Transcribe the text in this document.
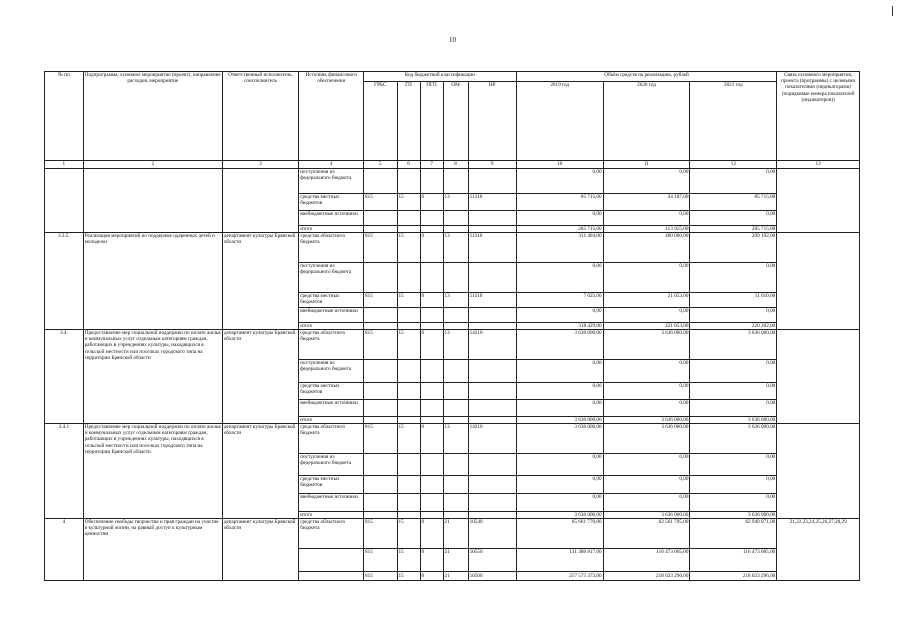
10
№ пп	Подпрограмма, основное мероприятие (проект), направление расходов, мероприятие	Ответственный исполнитель, соисполнитель	Источник финансового обеспечения	Код бюджетной классификации					Объём средств на реализацию, рублей			Связь основного мероприятия, проекта (программы) с целевыми показателями (индикаторами) (порядковые номера показателей (индикаторов))
				ГРБС	ГП	ПГП	ОМ	НР	2019 год	2020 год	2021 год	
1	2	3	4	5	6	7	8	9	10	11	12	13
			поступления из федерального бюджета						0,00	0,00	0,00	
			средства местных бюджетов	815	15	0	13	11310	85 715,00	34 187,00	85 715,00	
			внебюджетные источники						0,00	0,00	0,00	
			итого						285 715,00	113 955,00	285 715,00	
3.3.5.	Реализация мероприятий по поддержке одаренных детей и молодежи	департамент культуры Брянской области	средства областного бюджета	815	15	0	13	11310	311 404,00	400 000,00	209 192,00	
			поступления из федерального бюджета						0,00	0,00	0,00	
			средства местных бюджетов	815	15	0	13	11310	7 025,00	21 053,00	11 010,00	
			внебюджетные источники						0,00	0,00	0,00	
			итого						318 429,00	421 053,00	220 202,00	
3.4.	Предоставление мер социальной поддержки по оплате жилья и коммунальных услуг отдельным категориям граждан, работающих в учреждениях культуры, находящихся в сельской местности или поселках городского типа на территории Брянской области	департамент культуры Брянской области	средства областного бюджета	815	15	0	13	14210	3 636 000,00	3 636 000,00	3 636 000,00	
			поступления из федерального бюджета						0,00	0,00	0,00	
			средства местных бюджетов						0,00	0,00	0,00	
			внебюджетные источники						0,00	0,00	0,00	
			итого						3 636 000,00	3 636 000,00	3 636 000,00	
3.4.1	Предоставление мер социальной поддержки по оплате жилья и коммунальных услуг отдельным категориям граждан, работающих в учреждениях культуры, находящихся в сельской местности или поселках городского типа на территории Брянской области	департамент культуры Брянской области	средства областного бюджета	815	15	0	13	14210	3 636 000,00	3 636 000,00	3 636 000,00	
			поступления из федерального бюджета						0,00	0,00	0,00	
			средства местных бюджетов						0,00	0,00	0,00	
			внебюджетные источники						0,00	0,00	0,00	
			итого						3 636 000,00	3 636 000,00	3 636 000,00	
4	Обеспечение свободы творчества и прав граждан на участие в культурной жизни, на равный доступ к культурным ценностям	департамент культуры Брянской области	средства областного бюджета	815	15	0	21	10540	65 661 776,00	62 561 795,00	62 940 071,00	21,22,23,24,25,26,27,28,29
				815	15	0	21	10550	131 386 817,00	116 473 065,00	116 473 065,00	
				815	15	0	21	10560	257 575 373,00	218 023 296,00	218 023 296,00	
